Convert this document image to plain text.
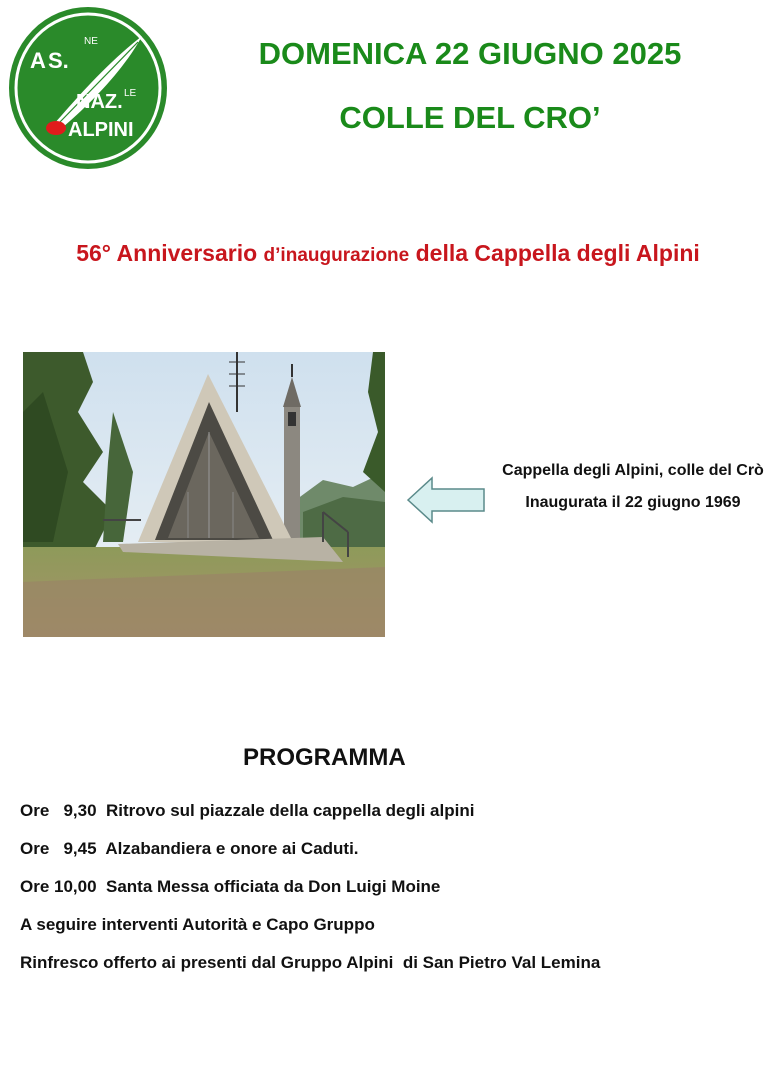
A S.
NE
NAZ. LE
ALPINI
DOMENICA 22 GIUGNO 2025
COLLE DEL CRO’
56° Anniversario d’inaugurazione della Cappella degli Alpini

Cappella degli Alpini, colle del Crò

Inaugurata il 22 giugno 1969

PROGRAMMA
Ore   9,30  Ritrovo sul piazzale della cappella degli alpini
Ore   9,45  Alzabandiera e onore ai Caduti.
Ore 10,00  Santa Messa officiata da Don Luigi Moine
A seguire interventi Autorità e Capo Gruppo
Rinfresco offerto ai presenti dal Gruppo Alpini  di San Pietro Val Lemina
